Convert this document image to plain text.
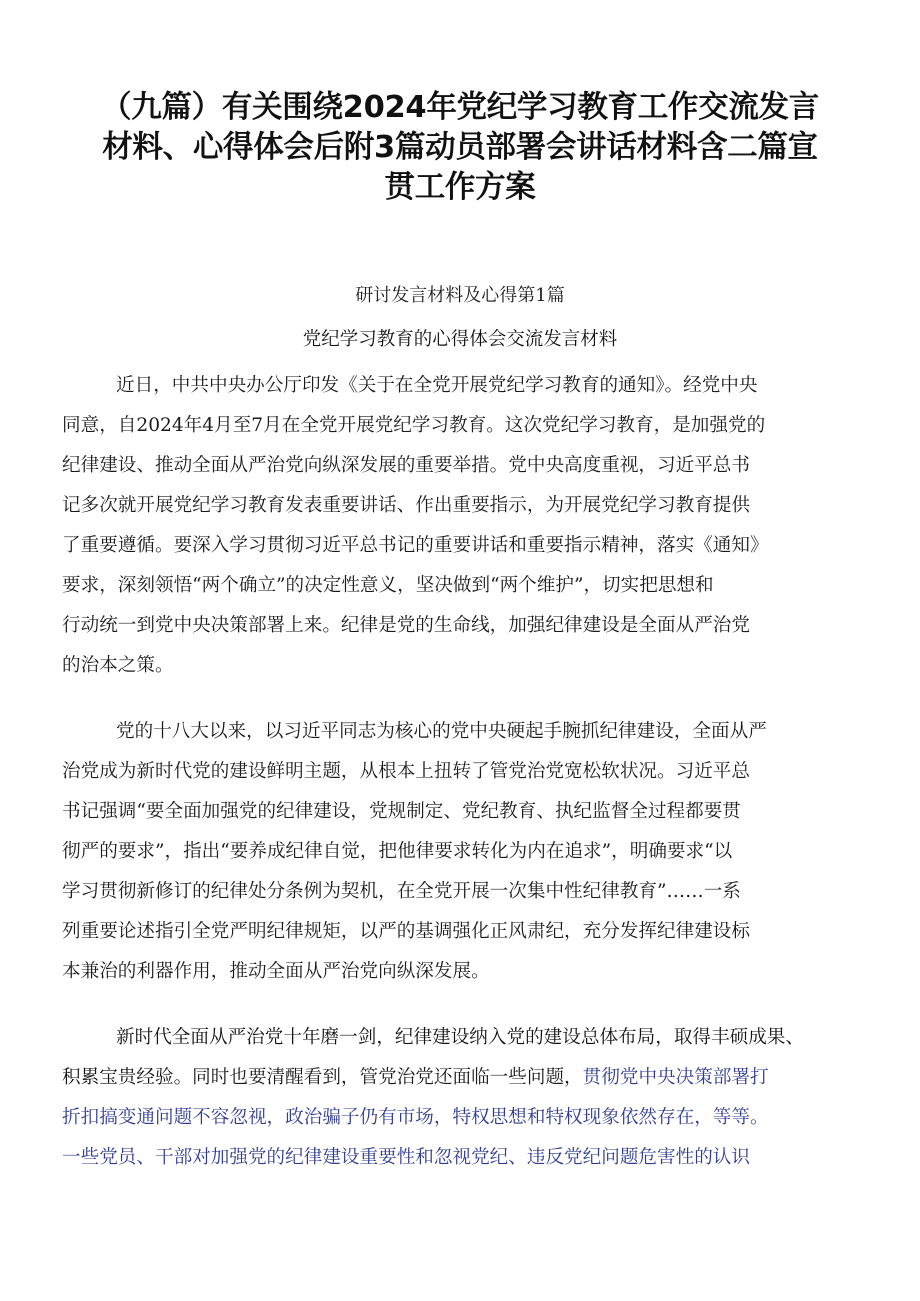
（九篇）有关围绕2024年党纪学习教育工作交流发言
材料、心得体会后附3篇动员部署会讲话材料含二篇宣
贯工作方案
研讨发言材料及心得第1篇
党纪学习教育的心得体会交流发言材料
近日，中共中央办公厅印发《关于在全党开展党纪学习教育的通知》。经党中央
同意，自2024年4月至7月在全党开展党纪学习教育。这次党纪学习教育，是加强党的
纪律建设、推动全面从严治党向纵深发展的重要举措。党中央高度重视，习近平总书
记多次就开展党纪学习教育发表重要讲话、作出重要指示，为开展党纪学习教育提供
了重要遵循。要深入学习贯彻习近平总书记的重要讲话和重要指示精神，落实《通知》
要求，深刻领悟“两个确立”的决定性意义，坚决做到“两个维护”，切实把思想和
行动统一到党中央决策部署上来。纪律是党的生命线，加强纪律建设是全面从严治党
的治本之策。
党的十八大以来，以习近平同志为核心的党中央硬起手腕抓纪律建设，全面从严
治党成为新时代党的建设鲜明主题，从根本上扭转了管党治党宽松软状况。习近平总
书记强调“要全面加强党的纪律建设，党规制定、党纪教育、执纪监督全过程都要贯
彻严的要求”，指出“要养成纪律自觉，把他律要求转化为内在追求”，明确要求“以
学习贯彻新修订的纪律处分条例为契机，在全党开展一次集中性纪律教育”……一系
列重要论述指引全党严明纪律规矩，以严的基调强化正风肃纪，充分发挥纪律建设标
本兼治的利器作用，推动全面从严治党向纵深发展。
新时代全面从严治党十年磨一剑，纪律建设纳入党的建设总体布局，取得丰硕成果、
积累宝贵经验。同时也要清醒看到，管党治党还面临一些问题，贯彻党中央决策部署打
折扣搞变通问题不容忽视，政治骗子仍有市场，特权思想和特权现象依然存在，等等。
一些党员、干部对加强党的纪律建设重要性和忽视党纪、违反党纪问题危害性的认识
